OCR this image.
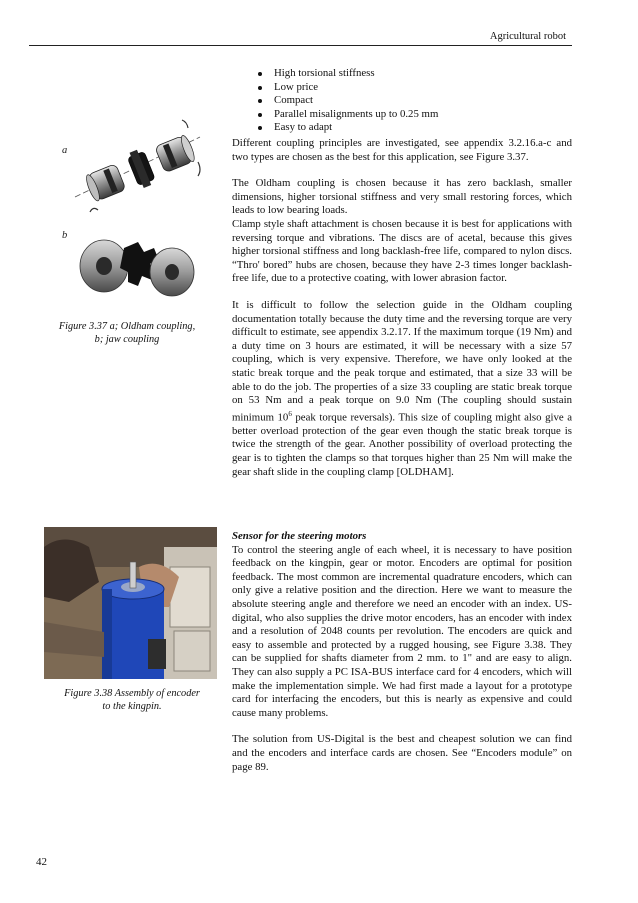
Agricultural robot
High torsional stiffness
Low price
Compact
Parallel misalignments up to 0.25 mm
Easy to adapt
a
b
Figure 3.37 a; Oldham coupling,
b; jaw coupling
Figure 3.38 Assembly of encoder
to the kingpin.

Different coupling principles are investigated, see appendix 3.2.16.a-c and two types are chosen as the best for this application, see Figure 3.37.

The Oldham coupling is chosen because it has zero backlash, smaller dimensions, higher torsional stiffness and very small restoring forces, which leads to low bearing loads.

Clamp style shaft attachment is chosen because it is best for applications with reversing torque and vibrations. The discs are of acetal, because this gives higher torsional stiffness and long backlash-free life, compared to nylon discs. “Thro' bored” hubs are chosen, because they have 2-3 times longer backlash-free life, due to a protective coating, with lower abrasion factor.

It is difficult to follow the selection guide in the Oldham coupling documentation totally because the duty time and the reversing torque are very difficult to estimate, see appendix 3.2.17. If the maximum torque (19 Nm) and a duty time on 3 hours are estimated, it will be necessary with a size 57 coupling, which is very expensive. Therefore, we have only looked at the static break torque and the peak torque and estimated, that a size 33 will be able to do the job. The properties of a size 33 coupling are static break torque on 53 Nm and a peak torque on 9.0 Nm (The coupling should sustain minimum $10^6$ peak torque reversals). This size of coupling might also give a better overload protection of the gear even though the static break torque is twice the strength of the gear. Another possibility of overload protecting the gear is to tighten the clamps so that torques higher than 25 Nm will make the gear shaft slide in the coupling clamp [OLDHAM].

Sensor for the steering motors

To control the steering angle of each wheel, it is necessary to have position feedback on the kingpin, gear or motor. Encoders are optimal for position feedback. The most common are incremental quadrature encoders, which can only give a relative position and the direction. Here we want to measure the absolute steering angle and therefore we need an encoder with an index. US-digital, who also supplies the drive motor encoders, has an encoder with index and a resolution of 2048 counts per revolution. The encoders are quick and easy to assemble and protected by a rugged housing, see Figure 3.38. They can be supplied for shafts diameter from 2 mm. to 1" and are easy to align. They can also supply a PC ISA-BUS interface card for 4 encoders, which will make the implementation simple. We had first made a layout for a prototype card for interfacing the encoders, but this is nearly as expensive and could cause many problems.

The solution from US-Digital is the best and cheapest solution we can find and the encoders and interface cards are chosen. See “Encoders module” on page 89.

42
